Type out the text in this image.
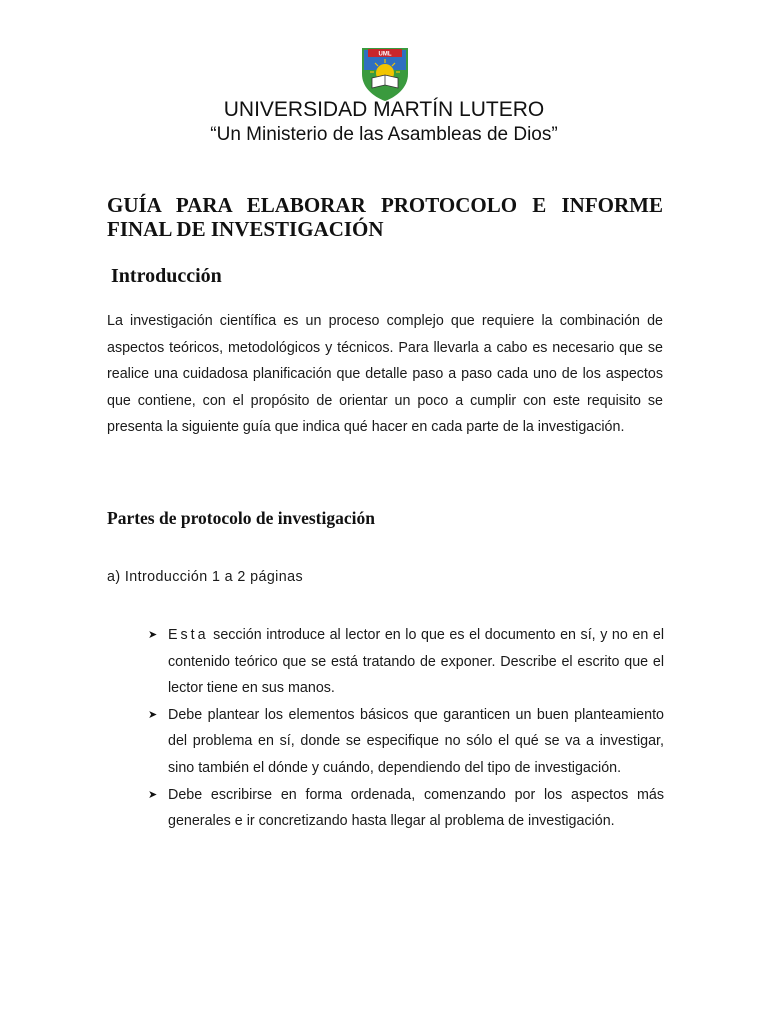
UML
UNIVERSIDAD MARTÍN LUTERO
“Un Ministerio de las Asambleas de Dios”
GUÍA PARA ELABORAR PROTOCOLO E INFORME
FINAL DE INVESTIGACIÓN
Introducción

La investigación científica es un proceso complejo que requiere la combinación de aspectos teóricos, metodológicos y técnicos. Para llevarla a cabo es necesario que se realice una cuidadosa planificación que detalle paso a paso cada uno de los aspectos que contiene, con el propósito de orientar un poco a cumplir con este requisito se presenta la siguiente guía que indica qué hacer en cada parte de la investigación.

Partes de protocolo de investigación
a) Introducción 1 a 2 páginas
➤ Esta sección introduce al lector en lo que es el documento en sí, y no en el contenido teórico que se está tratando de exponer. Describe el escrito que el lector tiene en sus manos.
➤ Debe plantear los elementos básicos que garanticen un buen planteamiento del problema en sí, donde se especifique no sólo el qué se va a investigar, sino también el dónde y cuándo, dependiendo del tipo de investigación.
➤ Debe escribirse en forma ordenada, comenzando por los aspectos más generales e ir concretizando hasta llegar al problema de investigación.
